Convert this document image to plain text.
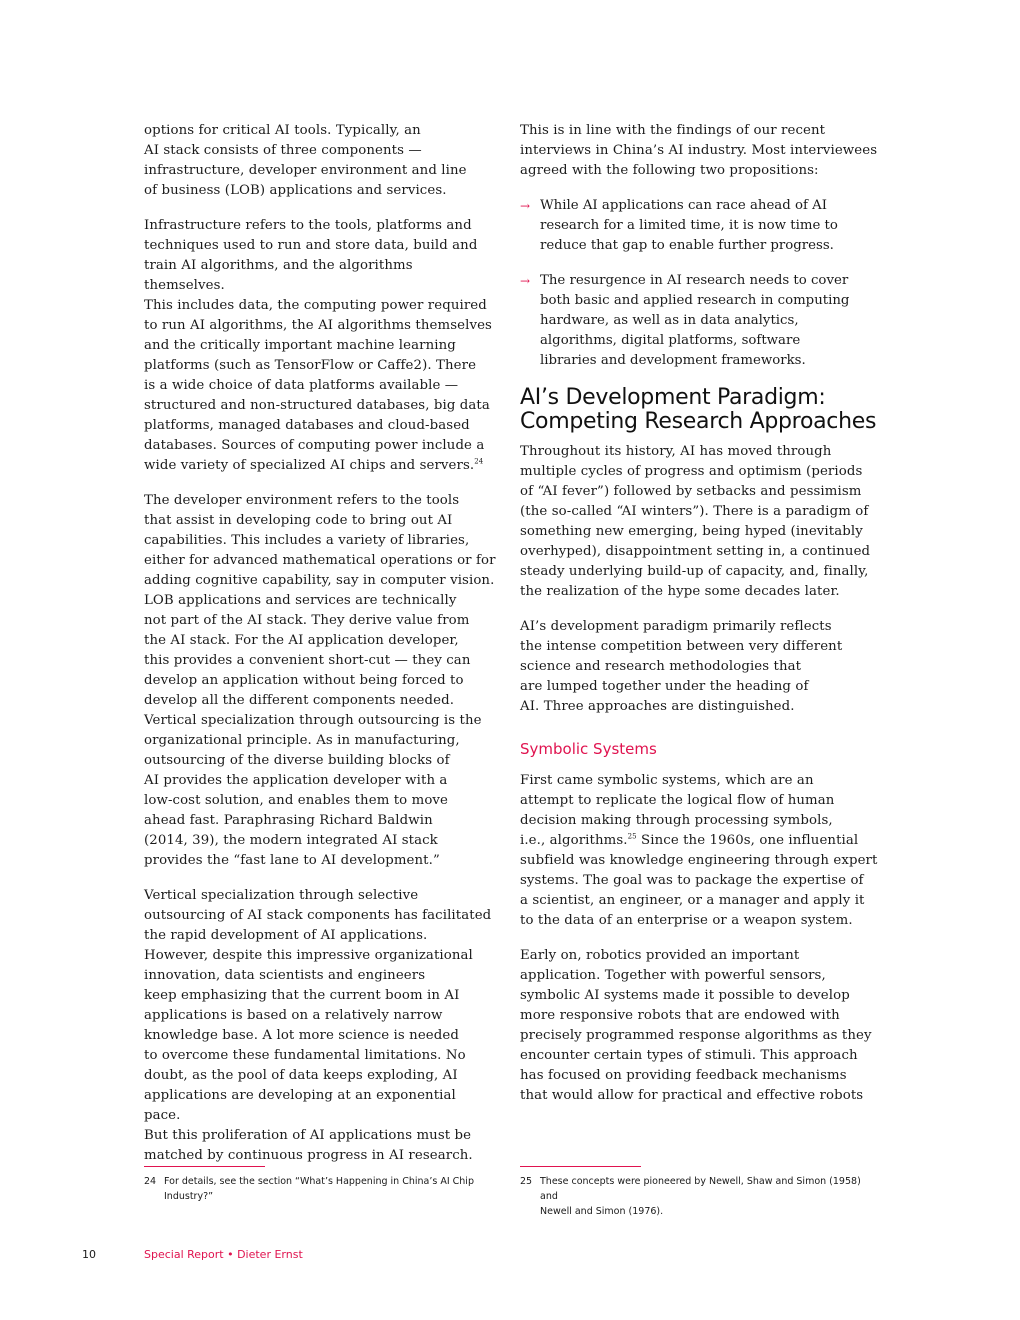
options for critical AI tools. Typically, an
AI stack consists of three components —
infrastructure, developer environment and line
of business (LOB) applications and services.

Infrastructure refers to the tools, platforms and
techniques used to run and store data, build and
train AI algorithms, and the algorithms themselves.
This includes data, the computing power required
to run AI algorithms, the AI algorithms themselves
and the critically important machine learning
platforms (such as TensorFlow or Caffe2). There
is a wide choice of data platforms available —
structured and non-structured databases, big data
platforms, managed databases and cloud-based
databases. Sources of computing power include a
wide variety of specialized AI chips and servers.$^{24}$

The developer environment refers to the tools
that assist in developing code to bring out AI
capabilities. This includes a variety of libraries,
either for advanced mathematical operations or for
adding cognitive capability, say in computer vision.
LOB applications and services are technically
not part of the AI stack. They derive value from
the AI stack. For the AI application developer,
this provides a convenient short-cut — they can
develop an application without being forced to
develop all the different components needed.
Vertical specialization through outsourcing is the
organizational principle. As in manufacturing,
outsourcing of the diverse building blocks of
AI provides the application developer with a
low-cost solution, and enables them to move
ahead fast. Paraphrasing Richard Baldwin
(2014, 39), the modern integrated AI stack
provides the “fast lane to AI development.”

Vertical specialization through selective
outsourcing of AI stack components has facilitated
the rapid development of AI applications.
However, despite this impressive organizational
innovation, data scientists and engineers
keep emphasizing that the current boom in AI
applications is based on a relatively narrow
knowledge base. A lot more science is needed
to overcome these fundamental limitations. No
doubt, as the pool of data keeps exploding, AI
applications are developing at an exponential pace.
But this proliferation of AI applications must be
matched by continuous progress in AI research.

This is in line with the findings of our recent
interviews in China’s AI industry. Most interviewees
agreed with the following two propositions:

→ While AI applications can race ahead of AI
research for a limited time, it is now time to
reduce that gap to enable further progress.
→ The resurgence in AI research needs to cover
both basic and applied research in computing
hardware, as well as in data analytics,
algorithms, digital platforms, software
libraries and development frameworks.
AI’s Development Paradigm:
Competing Research Approaches

Throughout its history, AI has moved through
multiple cycles of progress and optimism (periods
of “AI fever”) followed by setbacks and pessimism
(the so-called “AI winters”). There is a paradigm of
something new emerging, being hyped (inevitably
overhyped), disappointment setting in, a continued
steady underlying build-up of capacity, and, finally,
the realization of the hype some decades later.

AI’s development paradigm primarily reflects
the intense competition between very different
science and research methodologies that
are lumped together under the heading of
AI. Three approaches are distinguished.

Symbolic Systems

First came symbolic systems, which are an
attempt to replicate the logical flow of human
decision making through processing symbols,
i.e., algorithms.$^{25}$ Since the 1960s, one influential
subfield was knowledge engineering through expert
systems. The goal was to package the expertise of
a scientist, an engineer, or a manager and apply it
to the data of an enterprise or a weapon system.

Early on, robotics provided an important
application. Together with powerful sensors,
symbolic AI systems made it possible to develop
more responsive robots that are endowed with
precisely programmed response algorithms as they
encounter certain types of stimuli. This approach
has focused on providing feedback mechanisms
that would allow for practical and effective robots

24 For details, see the section “What’s Happening in China’s AI Chip
Industry?”
25 These concepts were pioneered by Newell, Shaw and Simon (1958) and
Newell and Simon (1976).
10	Special Report • Dieter Ernst
